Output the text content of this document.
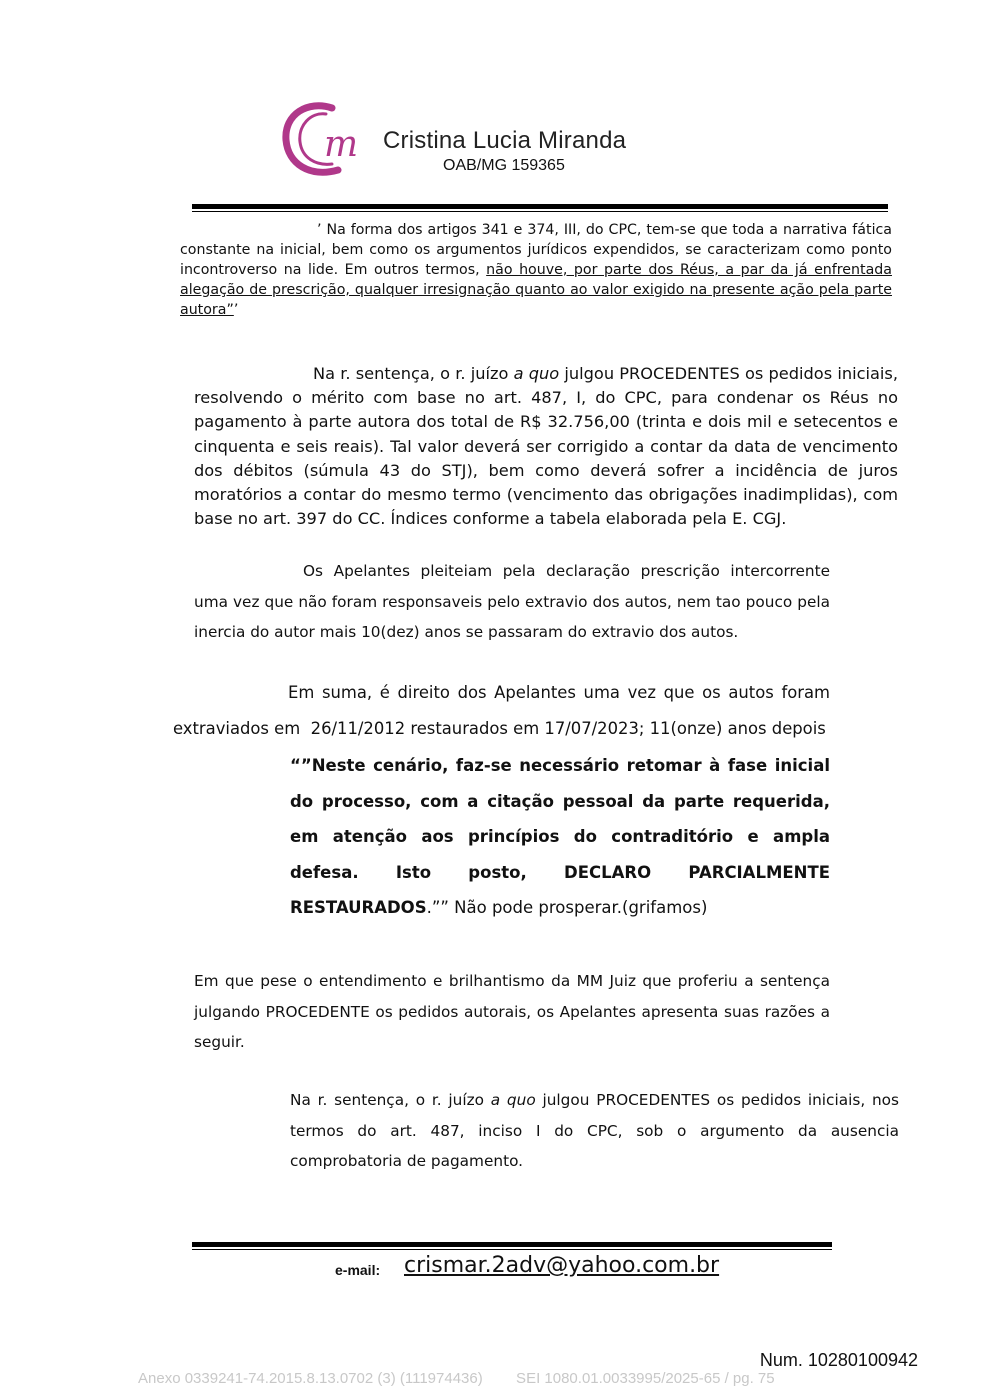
m Cristina Lucia Miranda
OAB/MG 159365
’ Na forma dos artigos 341 e 374, III, do CPC, tem-se que toda a narrativa fática constante na inicial, bem como os argumentos jurídicos expendidos, se caracterizam como ponto incontroverso na lide. Em outros termos, não houve, por parte dos Réus, a par da já enfrentada alegação de prescrição, qualquer irresignação quanto ao valor exigido na presente ação pela parte autora”’
Na r. sentença, o r. juízo a quo julgou PROCEDENTES os pedidos iniciais, resolvendo o mérito com base no art. 487, I, do CPC, para condenar os Réus no pagamento à parte autora dos total de R$ 32.756,00 (trinta e dois mil e setecentos e cinquenta e seis reais). Tal valor deverá ser corrigido a contar da data de vencimento dos débitos (súmula 43 do STJ), bem como deverá sofrer a incidência de juros moratórios a contar do mesmo termo (vencimento das obrigações inadimplidas), com base no art. 397 do CC. Índices conforme a tabela elaborada pela E. CGJ.
Os Apelantes pleiteiam pela declaração prescrição intercorrente uma vez que não foram responsaveis pelo extravio dos autos, nem tao pouco pela inercia do autor mais 10(dez) anos se passaram do extravio dos autos.
Em suma, é direito dos Apelantes uma vez que os autos foram
extraviados em  26/11/2012 restaurados em 17/07/2023; 11(onze) anos depois
“”Neste cenário, faz-se necessário retomar à fase inicial do processo, com a citação pessoal da parte requerida, em atenção aos princípios do contraditório e ampla defesa. Isto posto, DECLARO PARCIALMENTE RESTAURADOS.”” Não pode prosperar.(grifamos)
Em que pese o entendimento e brilhantismo da MM Juiz que proferiu a sentença julgando PROCEDENTE os pedidos autorais, os Apelantes apresenta suas razões a seguir.
Na r. sentença, o r. juízo a quo julgou PROCEDENTES os pedidos iniciais, nos termos do art. 487, inciso I do CPC, sob o argumento da ausencia comprobatoria de pagamento.
e-mail: crismar.2adv@yahoo.com.br
Num. 10280100942
Anexo 0339241-74.2015.8.13.0702 (3) (111974436)        SEI 1080.01.0033995/2025-65 / pg. 75
